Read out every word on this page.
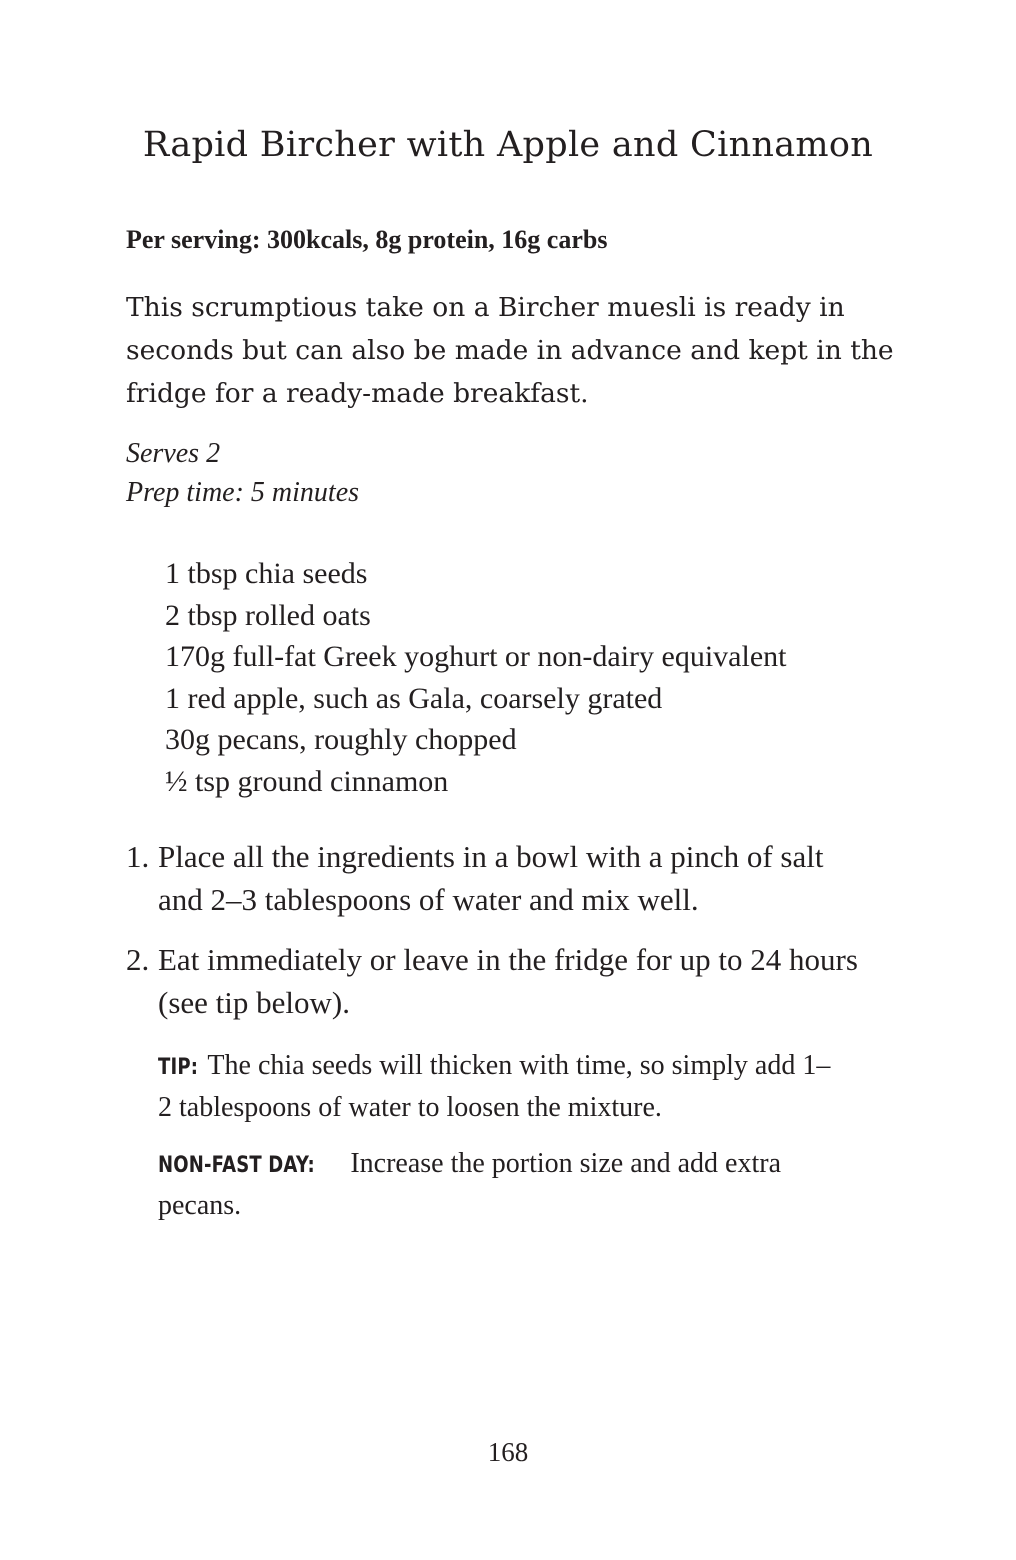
Rapid Bircher with Apple and Cinnamon
Per serving: 300kcals, 8g protein, 16g carbs
This scrumptious take on a Bircher muesli is ready in seconds but can also be made in advance and kept in the fridge for a ready-made breakfast.
Serves 2
Prep time: 5 minutes
1 tbsp chia seeds
2 tbsp rolled oats
170g full-fat Greek yoghurt or non-dairy equivalent
1 red apple, such as Gala, coarsely grated
30g pecans, roughly chopped
½ tsp ground cinnamon
1. Place all the ingredients in a bowl with a pinch of salt and 2–3 tablespoons of water and mix well.
2. Eat immediately or leave in the fridge for up to 24 hours (see tip below).

TIP: The chia seeds will thicken with time, so simply add 1–2 tablespoons of water to loosen the mixture.

NON-FAST DAY: Increase the portion size and add extra pecans.

168
